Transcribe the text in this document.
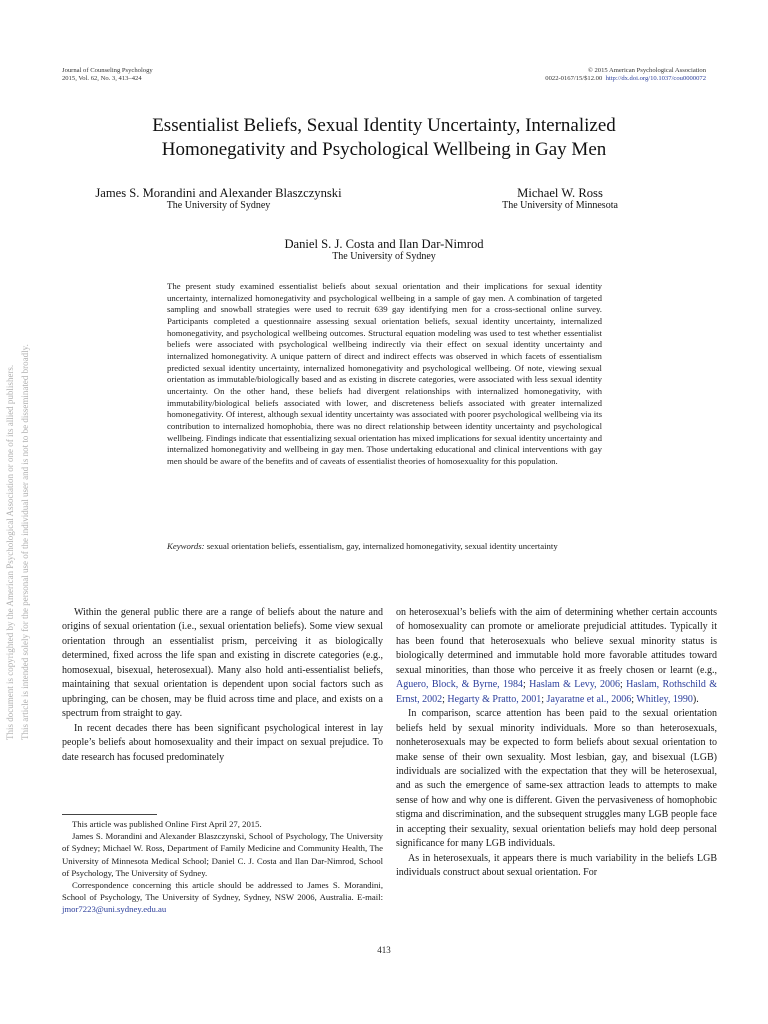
Journal of Counseling Psychology
2015, Vol. 62, No. 3, 413–424
© 2015 American Psychological Association
0022-0167/15/$12.00 http://dx.doi.org/10.1037/cou0000072
Essentialist Beliefs, Sexual Identity Uncertainty, Internalized
Homonegativity and Psychological Wellbeing in Gay Men
James S. Morandini and Alexander Blaszczynski
The University of Sydney
Michael W. Ross
The University of Minnesota
Daniel S. J. Costa and Ilan Dar-Nimrod
The University of Sydney
The present study examined essentialist beliefs about sexual orientation and their implications for sexual identity uncertainty, internalized homonegativity and psychological wellbeing in a sample of gay men. A combination of targeted sampling and snowball strategies were used to recruit 639 gay identifying men for a cross-sectional online survey. Participants completed a questionnaire assessing sexual orientation beliefs, sexual identity uncertainty, internalized homonegativity, and psychological wellbeing outcomes. Structural equation modeling was used to test whether essentialist beliefs were associated with psychological wellbeing indirectly via their effect on sexual identity uncertainty and internalized homonegativity. A unique pattern of direct and indirect effects was observed in which facets of essentialism predicted sexual identity uncertainty, internalized homonegativity and psychological wellbeing. Of note, viewing sexual orientation as immutable/biologically based and as existing in discrete categories, were associated with less sexual identity uncertainty. On the other hand, these beliefs had divergent relationships with internalized homonegativity, with immutability/biological beliefs associated with lower, and discreteness beliefs associated with greater internalized homonegativity. Of interest, although sexual identity uncertainty was associated with poorer psychological wellbeing via its contribution to internalized homophobia, there was no direct relationship between identity uncertainty and psychological wellbeing. Findings indicate that essentializing sexual orientation has mixed implications for sexual identity uncertainty and internalized homonegativity and wellbeing in gay men. Those undertaking educational and clinical interventions with gay men should be aware of the benefits and of caveats of essentialist theories of homosexuality for this population.
Keywords: sexual orientation beliefs, essentialism, gay, internalized homonegativity, sexual identity uncertainty

Within the general public there are a range of beliefs about the nature and origins of sexual orientation (i.e., sexual orientation beliefs). Some view sexual orientation through an essentialist prism, perceiving it as biologically determined, fixed across the life span and existing in discrete categories (e.g., homosexual, bisexual, heterosexual). Many also hold anti-essentialist beliefs, maintaining that sexual orientation is dependent upon social factors such as upbringing, can be chosen, may be fluid across time and place, and exists on a spectrum from straight to gay.

In recent decades there has been significant psychological interest in lay people’s beliefs about homosexuality and their impact on sexual prejudice. To date research has focused predominately

This article was published Online First April 27, 2015.

James S. Morandini and Alexander Blaszczynski, School of Psychology, The University of Sydney; Michael W. Ross, Department of Family Medicine and Community Health, The University of Minnesota Medical School; Daniel C. J. Costa and Ilan Dar-Nimrod, School of Psychology, The University of Sydney.

Correspondence concerning this article should be addressed to James S. Morandini, School of Psychology, The University of Sydney, Sydney, NSW 2006, Australia. E-mail: jmor7223@uni.sydney.edu.au

on heterosexual’s beliefs with the aim of determining whether certain accounts of homosexuality can promote or ameliorate prejudicial attitudes. Typically it has been found that heterosexuals who believe sexual minority status is biologically determined and immutable hold more favorable attitudes toward sexual minorities, than those who perceive it as freely chosen or learnt (e.g., Aguero, Block, & Byrne, 1984; Haslam & Levy, 2006; Haslam, Rothschild & Ernst, 2002; Hegarty & Pratto, 2001; Jayaratne et al., 2006; Whitley, 1990).

In comparison, scarce attention has been paid to the sexual orientation beliefs held by sexual minority individuals. More so than heterosexuals, nonheterosexuals may be expected to form beliefs about sexual orientation to make sense of their own sexuality. Most lesbian, gay, and bisexual (LGB) individuals are socialized with the expectation that they will be heterosexual, and as such the emergence of same-sex attraction leads to attempts to make sense of how and why one is different. Given the pervasiveness of homophobic stigma and discrimination, and the subsequent struggles many LGB people face in accepting their sexuality, sexual orientation beliefs may hold deep personal significance for many LGB individuals.

As in heterosexuals, it appears there is much variability in the beliefs LGB individuals construct about sexual orientation. For

413
This document is copyrighted by the American Psychological Association or one of its allied publishers. This article is intended solely for the personal use of the individual user and is not to be disseminated broadly.
